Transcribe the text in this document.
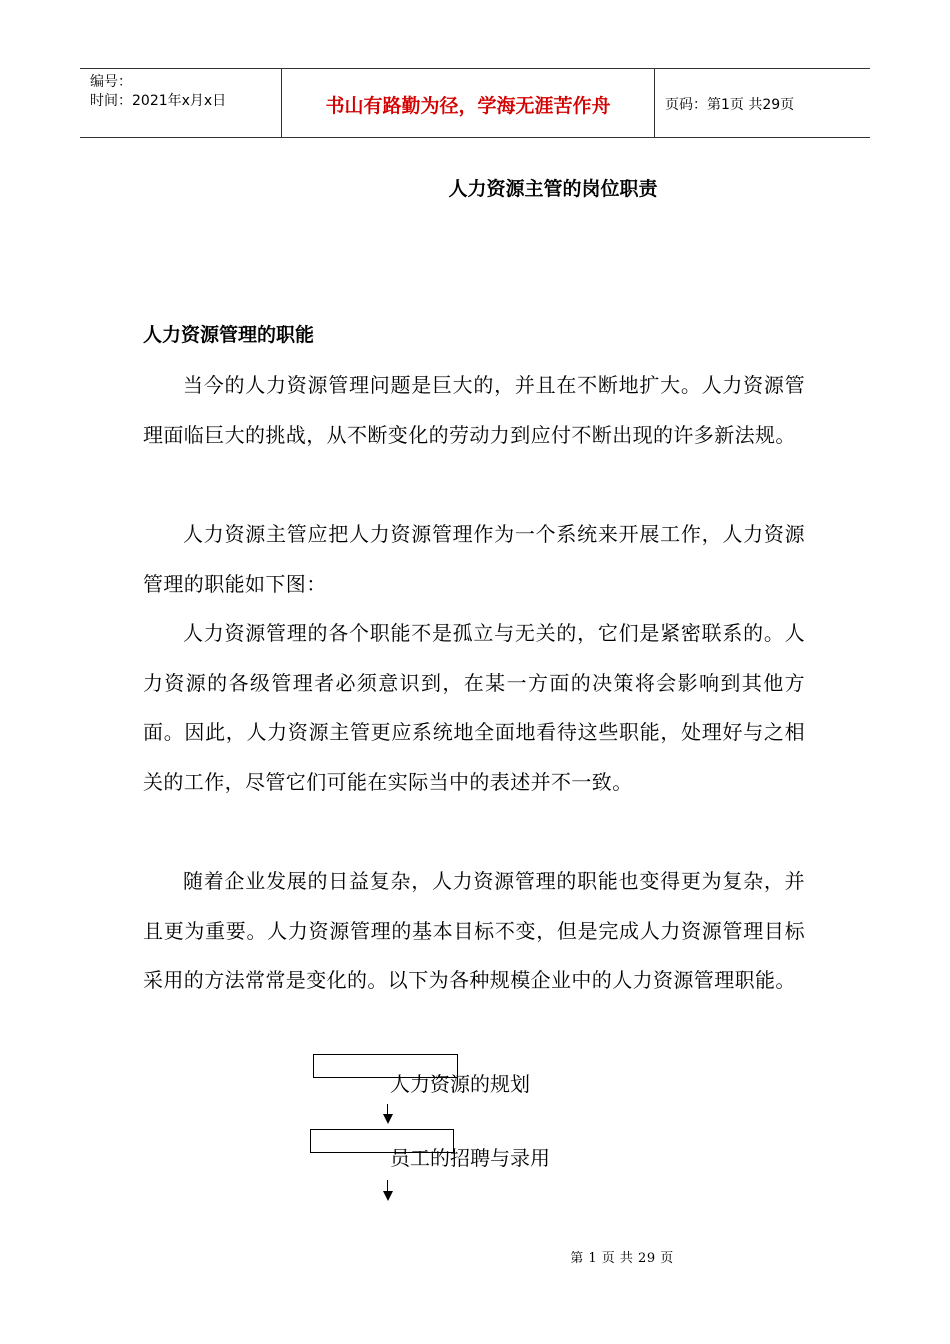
编号：
时间：2021年x月x日	书山有路勤为径，学海无涯苦作舟	页码：第1页 共29页
人力资源主管的岗位职责
人力资源管理的职能
当今的人力资源管理问题是巨大的，并且在不断地扩大。人力资源管理面临巨大的挑战，从不断变化的劳动力到应付不断出现的许多新法规。
人力资源主管应把人力资源管理作为一个系统来开展工作，人力资源管理的职能如下图：
人力资源管理的各个职能不是孤立与无关的，它们是紧密联系的。人力资源的各级管理者必须意识到，在某一方面的决策将会影响到其他方面。因此，人力资源主管更应系统地全面地看待这些职能，处理好与之相关的工作，尽管它们可能在实际当中的表述并不一致。
随着企业发展的日益复杂，人力资源管理的职能也变得更为复杂，并且更为重要。人力资源管理的基本目标不变，但是完成人力资源管理目标采用的方法常常是变化的。以下为各种规模企业中的人力资源管理职能。
人力资源的规划
员工的招聘与录用
第 1 页 共 29 页
